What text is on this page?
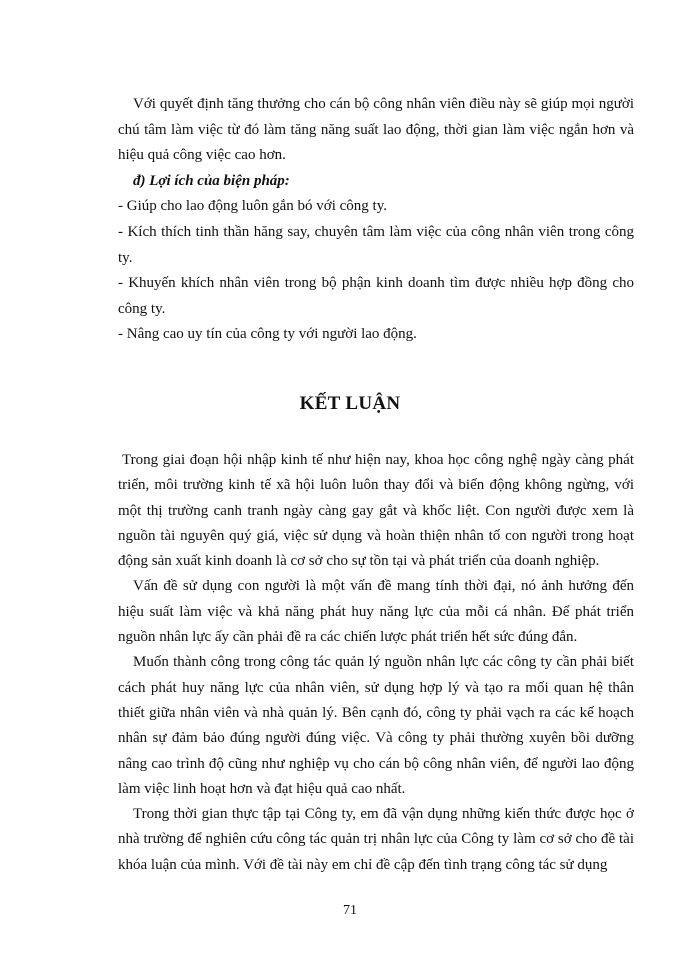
Với quyết định tăng thưởng cho cán bộ công nhân viên điều này sẽ giúp mọi người chú tâm làm việc từ đó làm tăng năng suất lao động, thời gian làm việc ngắn hơn và hiệu quả công việc cao hơn.

đ) Lợi ích của biện pháp:

- Giúp cho lao động luôn gắn bó với công ty.

- Kích thích tinh thần hăng say, chuyên tâm làm việc của công nhân viên trong công ty.

- Khuyến khích nhân viên trong bộ phận kinh doanh tìm được nhiều hợp đồng cho công ty.

- Nâng cao uy tín của công ty với người lao động.

KẾT LUẬN

Trong giai đoạn hội nhập kinh tế như hiện nay, khoa học công nghệ ngày càng phát triển, môi trường kinh tế xã hội luôn luôn thay đổi và biến động không ngừng, với một thị trường canh tranh ngày càng gay gắt và khốc liệt. Con người được xem là nguồn tài nguyên quý giá, việc sử dụng và hoàn thiện nhân tố con người trong hoạt động sản xuất kinh doanh là cơ sở cho sự tồn tại và phát triển của doanh nghiệp.

Vấn đề sử dụng con người là một vấn đề mang tính thời đại, nó ảnh hưởng đến hiệu suất làm việc và khả năng phát huy năng lực của mỗi cá nhân. Để phát triển nguồn nhân lực ấy cần phải đề ra các chiến lược phát triển hết sức đúng đắn.

Muốn thành công trong công tác quản lý nguồn nhân lực các công ty cần phải biết cách phát huy năng lực của nhân viên, sử dụng hợp lý và tạo ra mối quan hệ thân thiết giữa nhân viên và nhà quản lý. Bên cạnh đó, công ty phải vạch ra các kế hoạch nhân sự đảm bảo đúng người đúng việc. Và công ty phải thường xuyên bồi dưỡng nâng cao trình độ cũng như nghiệp vụ cho cán bộ công nhân viên, để người lao động làm việc linh hoạt hơn và đạt hiệu quả cao nhất.

Trong thời gian thực tập tại Công ty, em đã vận dụng những kiến thức được học ở nhà trường để nghiên cứu công tác quản trị nhân lực của Công ty làm cơ sở cho đề tài khóa luận của mình. Với đề tài này em chỉ đề cập đến tình trạng công tác sử dụng

71
